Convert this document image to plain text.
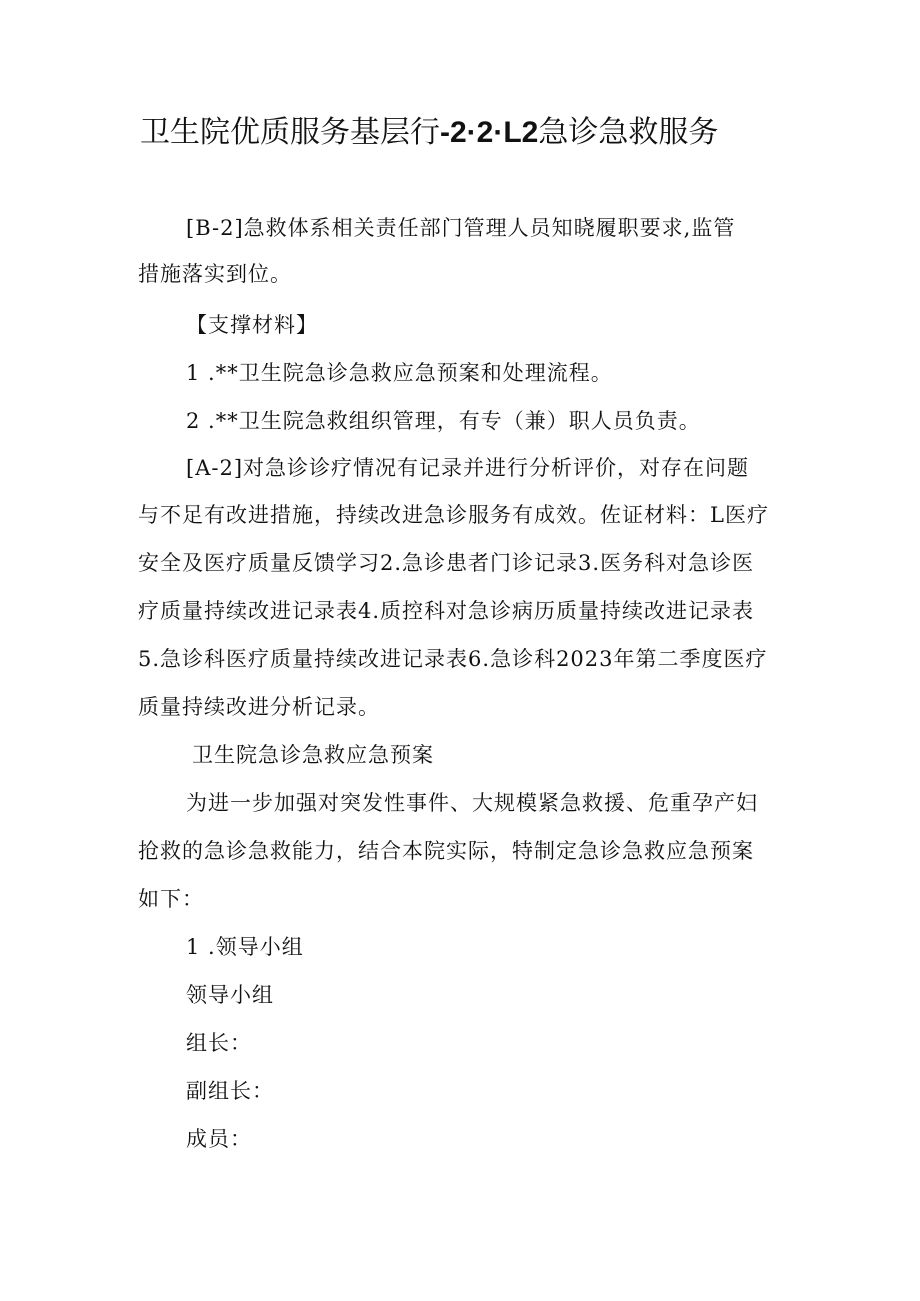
卫生院优质服务基层行-2·2·L2急诊急救服务
[B-2]急救体系相关责任部门管理人员知晓履职要求,监管
措施落实到位。
【支撑材料】
1 .**卫生院急诊急救应急预案和处理流程。
2 .**卫生院急救组织管理，有专（兼）职人员负责。
[A-2]对急诊诊疗情况有记录并进行分析评价，对存在问题
与不足有改进措施，持续改进急诊服务有成效。佐证材料：L医疗
安全及医疗质量反馈学习2.急诊患者门诊记录3.医务科对急诊医
疗质量持续改进记录表4.质控科对急诊病历质量持续改进记录表
5.急诊科医疗质量持续改进记录表6.急诊科2023年第二季度医疗
质量持续改进分析记录。
卫生院急诊急救应急预案
为进一步加强对突发性事件、大规模紧急救援、危重孕产妇
抢救的急诊急救能力，结合本院实际，特制定急诊急救应急预案
如下：
1 .领导小组
领导小组
组长：
副组长：
成员：
